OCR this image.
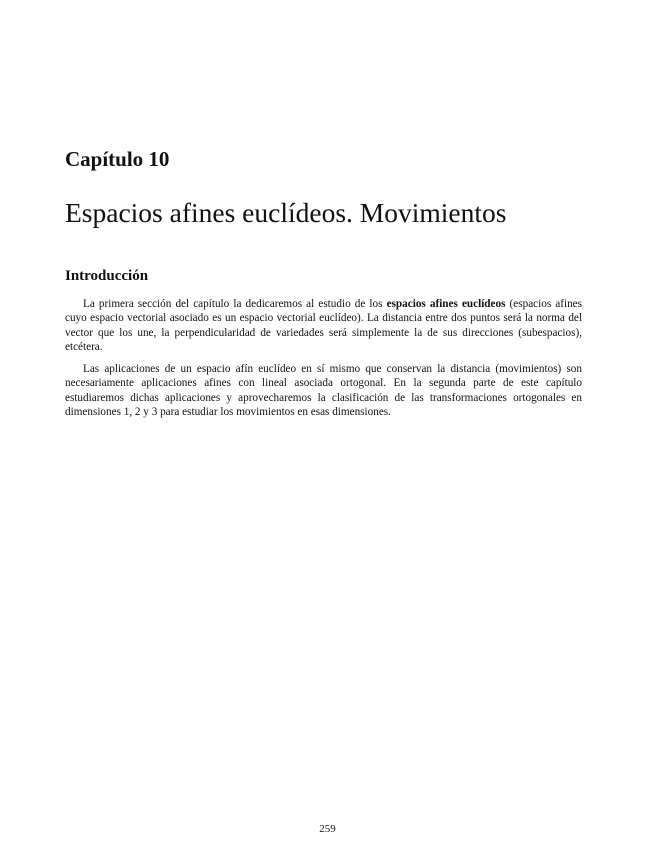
Capítulo 10
Espacios afines euclídeos. Movimientos
Introducción

La primera sección del capítulo la dedicaremos al estudio de los espacios afines euclídeos (espacios afines cuyo espacio vectorial asociado es un espacio vectorial euclídeo). La distancia entre dos puntos será la norma del vector que los une, la perpendicularidad de variedades será simplemente la de sus direcciones (subespacios), etcétera.

Las aplicaciones de un espacio afín euclídeo en sí mismo que conservan la distancia (movimientos) son necesariamente aplicaciones afines con lineal asociada ortogonal. En la segunda parte de este capítulo estudiaremos dichas aplicaciones y aprovecharemos la clasificación de las transformaciones ortogonales en dimensiones 1, 2 y 3 para estudiar los movimientos en esas dimensiones.

259
